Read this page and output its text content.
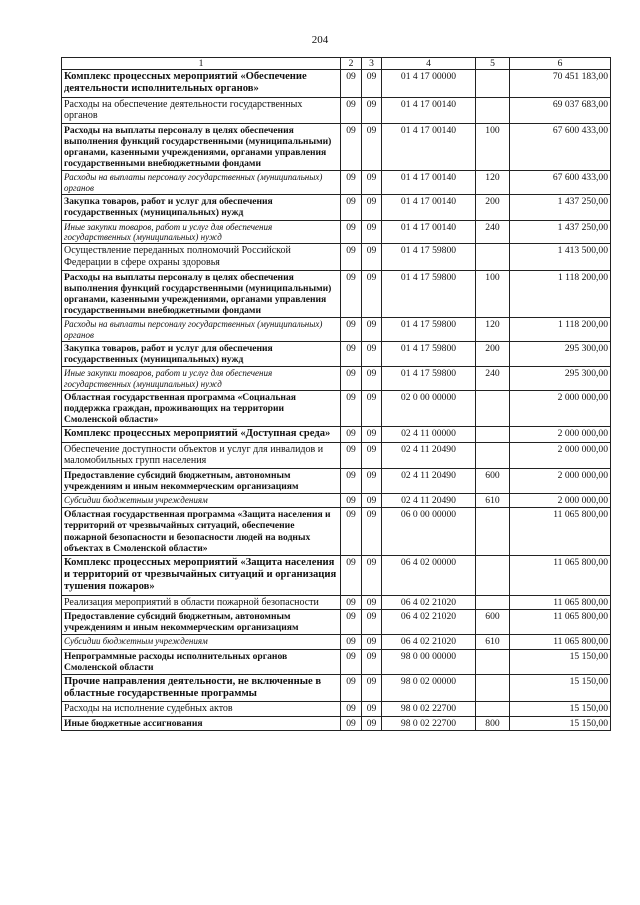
204
1	2	3	4	5	6
Комплекс процессных мероприятий «Обеспечение деятельности исполнительных органов»	09	09	01 4 17 00000		70 451 183,00
Расходы на обеспечение деятельности государственных органов	09	09	01 4 17 00140		69 037 683,00
Расходы на выплаты персоналу в целях обеспечения выполнения функций государственными (муниципальными) органами, казенными учреждениями, органами управления государственными внебюджетными фондами	09	09	01 4 17 00140	100	67 600 433,00
Расходы на выплаты персоналу государственных (муниципальных) органов	09	09	01 4 17 00140	120	67 600 433,00
Закупка товаров, работ и услуг для обеспечения государственных (муниципальных) нужд	09	09	01 4 17 00140	200	1 437 250,00
Иные закупки товаров, работ и услуг для обеспечения государственных (муниципальных) нужд	09	09	01 4 17 00140	240	1 437 250,00
Осуществление переданных полномочий Российской Федерации в сфере охраны здоровья	09	09	01 4 17 59800		1 413 500,00
Расходы на выплаты персоналу в целях обеспечения выполнения функций государственными (муниципальными) органами, казенными учреждениями, органами управления государственными внебюджетными фондами	09	09	01 4 17 59800	100	1 118 200,00
Расходы на выплаты персоналу государственных (муниципальных) органов	09	09	01 4 17 59800	120	1 118 200,00
Закупка товаров, работ и услуг для обеспечения государственных (муниципальных) нужд	09	09	01 4 17 59800	200	295 300,00
Иные закупки товаров, работ и услуг для обеспечения государственных (муниципальных) нужд	09	09	01 4 17 59800	240	295 300,00
Областная государственная программа «Социальная поддержка граждан, проживающих на территории Смоленской области»	09	09	02 0 00 00000		2 000 000,00
Комплекс процессных мероприятий «Доступная среда»	09	09	02 4 11 00000		2 000 000,00
Обеспечение доступности объектов и услуг для инвалидов и маломобильных групп населения	09	09	02 4 11 20490		2 000 000,00
Предоставление субсидий бюджетным, автономным учреждениям и иным некоммерческим организациям	09	09	02 4 11 20490	600	2 000 000,00
Субсидии бюджетным учреждениям	09	09	02 4 11 20490	610	2 000 000,00
Областная государственная программа «Защита населения и территорий от чрезвычайных ситуаций, обеспечение пожарной безопасности и безопасности людей на водных объектах в Смоленской области»	09	09	06 0 00 00000		11 065 800,00
Комплекс процессных мероприятий «Защита населения и территорий от чрезвычайных ситуаций и организация тушения пожаров»	09	09	06 4 02 00000		11 065 800,00
Реализация мероприятий в области пожарной безопасности	09	09	06 4 02 21020		11 065 800,00
Предоставление субсидий бюджетным, автономным учреждениям и иным некоммерческим организациям	09	09	06 4 02 21020	600	11 065 800,00
Субсидии бюджетным учреждениям	09	09	06 4 02 21020	610	11 065 800,00
Непрограммные расходы исполнительных органов Смоленской области	09	09	98 0 00 00000		15 150,00
Прочие направления деятельности, не включенные в областные государственные программы	09	09	98 0 02 00000		15 150,00
Расходы на исполнение судебных актов	09	09	98 0 02 22700		15 150,00
Иные бюджетные ассигнования	09	09	98 0 02 22700	800	15 150,00
